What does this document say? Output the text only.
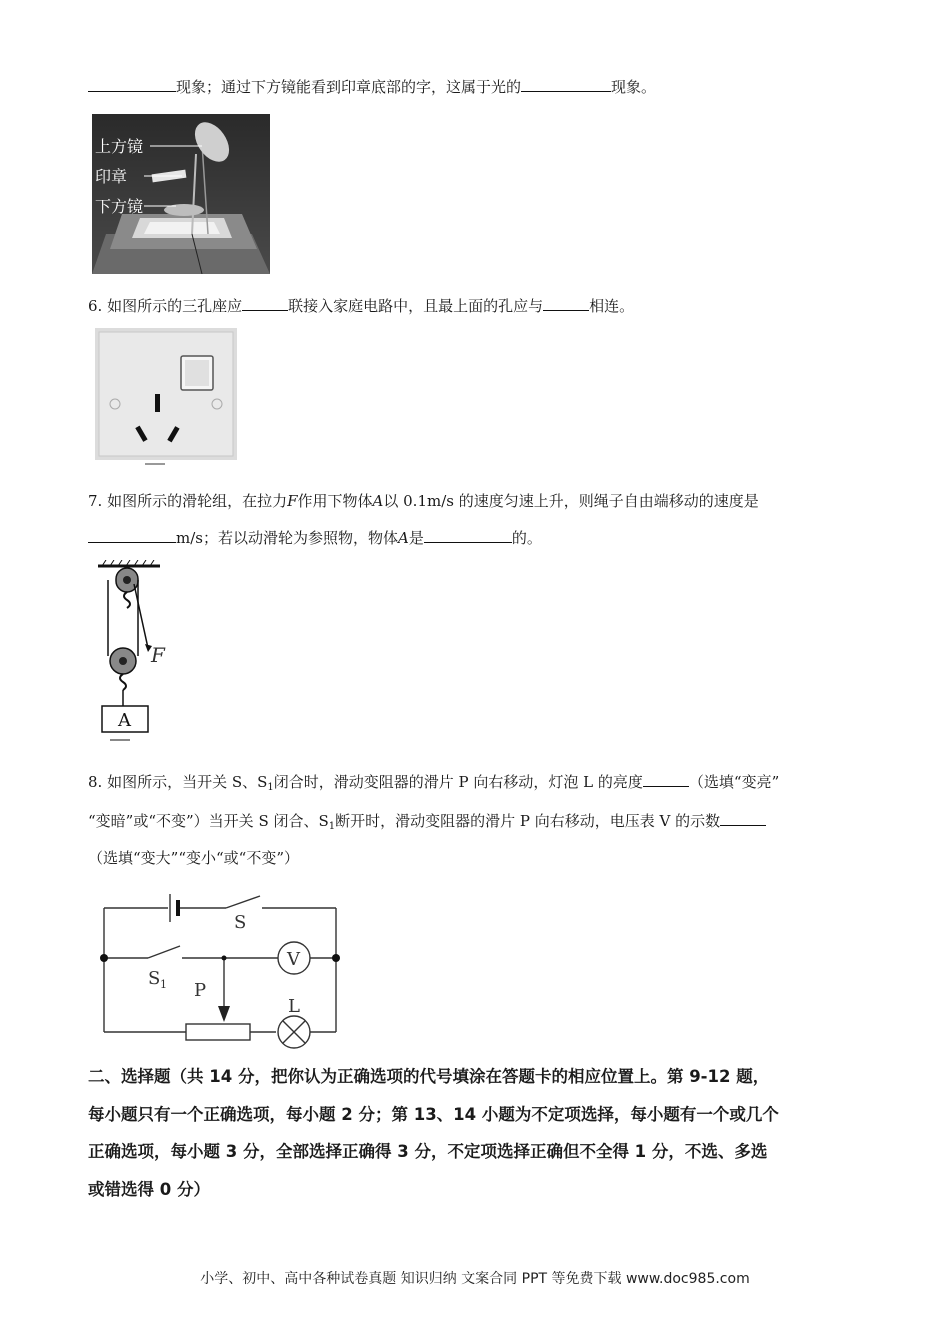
现象；通过下方镜能看到印章底部的字，这属于光的	现象。
上方镜
印章
下方镜
6. 如图所示的三孔座应	联接入家庭电路中，且最上面的孔应与	相连。
7. 如图所示的滑轮组，在拉力F作用下物体A以 0.1m/s 的速度匀速上升，则绳子自由端移动的速度是
m/s；若以动滑轮为参照物，物体A是	的。
F
A
8. 如图所示，当开关 S、$S_1$闭合时，滑动变阻器的滑片 P 向右移动，灯泡 L 的亮度	（选填“变亮”
“变暗”或“不变”）当开关 S 闭合、$S_1$断开时，滑动变阻器的滑片 P 向右移动，电压表 V 的示数
（选填“变大”“变小“或“不变”）
S
S 1 P
V
L
二、选择题（共 14 分，把你认为正确选项的代号填涂在答题卡的相应位置上。第 9-12 题，
每小题只有一个正确选项，每小题 2 分；第 13、14 小题为不定项选择，每小题有一个或几个
正确选项，每小题 3 分，全部选择正确得 3 分，不定项选择正确但不全得 1 分，不选、多选
或错选得 0 分）
小学、初中、高中各种试卷真题 知识归纳 文案合同 PPT 等免费下载 www.doc985.com
